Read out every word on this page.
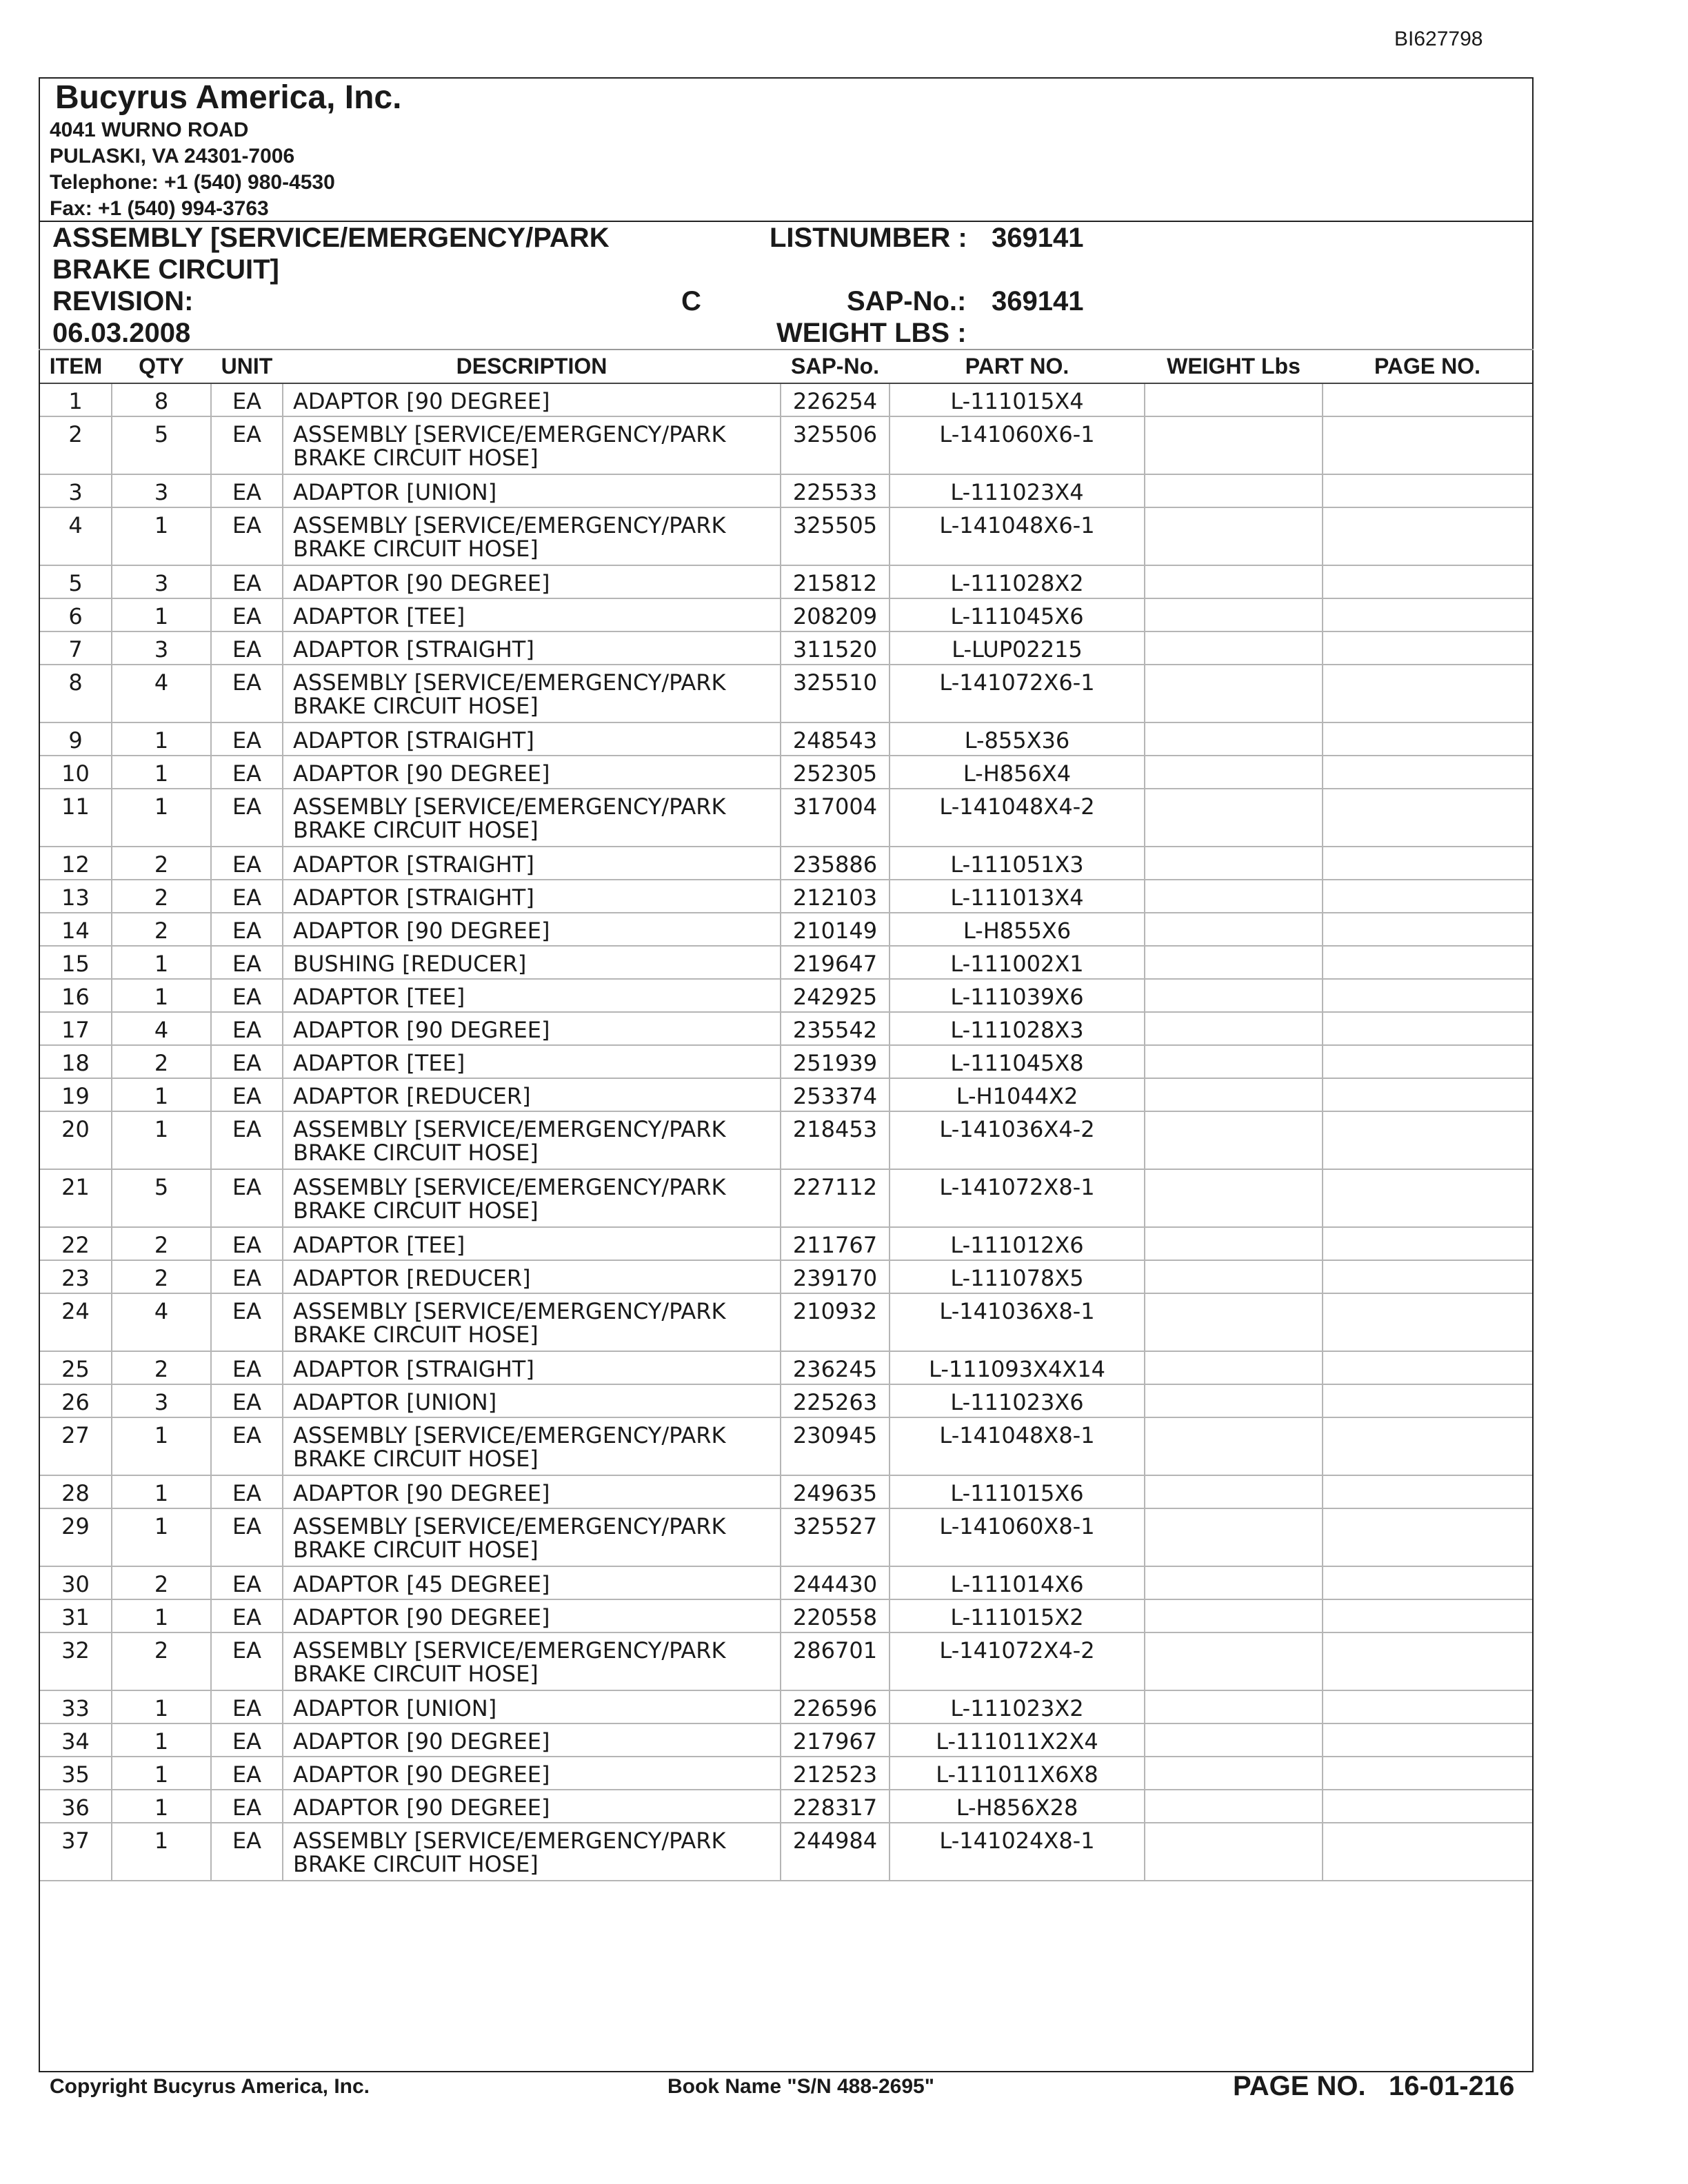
BI627798
Bucyrus America, Inc.
4041 WURNO ROAD
PULASKI, VA 24301-7006
Telephone: +1 (540) 980-4530
Fax: +1 (540) 994-3763
ASSEMBLY [SERVICE/EMERGENCY/PARK
BRAKE CIRCUIT]
REVISION:	C
06.03.2008
LISTNUMBER : 369141
SAP-No.: 369141
WEIGHT LBS :
ITEM	QTY	UNIT	DESCRIPTION	SAP-No.	PART NO.	WEIGHT Lbs	PAGE NO.
1	8	EA	ADAPTOR [90 DEGREE]	226254	L-111015X4		
2	5	EA	ASSEMBLY [SERVICE/EMERGENCY/PARK
BRAKE CIRCUIT HOSE]	325506	L-141060X6-1		
3	3	EA	ADAPTOR [UNION]	225533	L-111023X4		
4	1	EA	ASSEMBLY [SERVICE/EMERGENCY/PARK
BRAKE CIRCUIT HOSE]	325505	L-141048X6-1		
5	3	EA	ADAPTOR [90 DEGREE]	215812	L-111028X2		
6	1	EA	ADAPTOR [TEE]	208209	L-111045X6		
7	3	EA	ADAPTOR [STRAIGHT]	311520	L-LUP02215		
8	4	EA	ASSEMBLY [SERVICE/EMERGENCY/PARK
BRAKE CIRCUIT HOSE]	325510	L-141072X6-1		
9	1	EA	ADAPTOR [STRAIGHT]	248543	L-855X36		
10	1	EA	ADAPTOR [90 DEGREE]	252305	L-H856X4		
11	1	EA	ASSEMBLY [SERVICE/EMERGENCY/PARK
BRAKE CIRCUIT HOSE]	317004	L-141048X4-2		
12	2	EA	ADAPTOR [STRAIGHT]	235886	L-111051X3		
13	2	EA	ADAPTOR [STRAIGHT]	212103	L-111013X4		
14	2	EA	ADAPTOR [90 DEGREE]	210149	L-H855X6		
15	1	EA	BUSHING [REDUCER]	219647	L-111002X1		
16	1	EA	ADAPTOR [TEE]	242925	L-111039X6		
17	4	EA	ADAPTOR [90 DEGREE]	235542	L-111028X3		
18	2	EA	ADAPTOR [TEE]	251939	L-111045X8		
19	1	EA	ADAPTOR [REDUCER]	253374	L-H1044X2		
20	1	EA	ASSEMBLY [SERVICE/EMERGENCY/PARK
BRAKE CIRCUIT HOSE]	218453	L-141036X4-2		
21	5	EA	ASSEMBLY [SERVICE/EMERGENCY/PARK
BRAKE CIRCUIT HOSE]	227112	L-141072X8-1		
22	2	EA	ADAPTOR [TEE]	211767	L-111012X6		
23	2	EA	ADAPTOR [REDUCER]	239170	L-111078X5		
24	4	EA	ASSEMBLY [SERVICE/EMERGENCY/PARK
BRAKE CIRCUIT HOSE]	210932	L-141036X8-1		
25	2	EA	ADAPTOR [STRAIGHT]	236245	L-111093X4X14		
26	3	EA	ADAPTOR [UNION]	225263	L-111023X6		
27	1	EA	ASSEMBLY [SERVICE/EMERGENCY/PARK
BRAKE CIRCUIT HOSE]	230945	L-141048X8-1		
28	1	EA	ADAPTOR [90 DEGREE]	249635	L-111015X6		
29	1	EA	ASSEMBLY [SERVICE/EMERGENCY/PARK
BRAKE CIRCUIT HOSE]	325527	L-141060X8-1		
30	2	EA	ADAPTOR [45 DEGREE]	244430	L-111014X6		
31	1	EA	ADAPTOR [90 DEGREE]	220558	L-111015X2		
32	2	EA	ASSEMBLY [SERVICE/EMERGENCY/PARK
BRAKE CIRCUIT HOSE]	286701	L-141072X4-2		
33	1	EA	ADAPTOR [UNION]	226596	L-111023X2		
34	1	EA	ADAPTOR [90 DEGREE]	217967	L-111011X2X4		
35	1	EA	ADAPTOR [90 DEGREE]	212523	L-111011X6X8		
36	1	EA	ADAPTOR [90 DEGREE]	228317	L-H856X28		
37	1	EA	ASSEMBLY [SERVICE/EMERGENCY/PARK
BRAKE CIRCUIT HOSE]	244984	L-141024X8-1		
Copyright Bucyrus America, Inc.	Book Name "S/N 488-2695"	PAGE NO. 16-01-216
